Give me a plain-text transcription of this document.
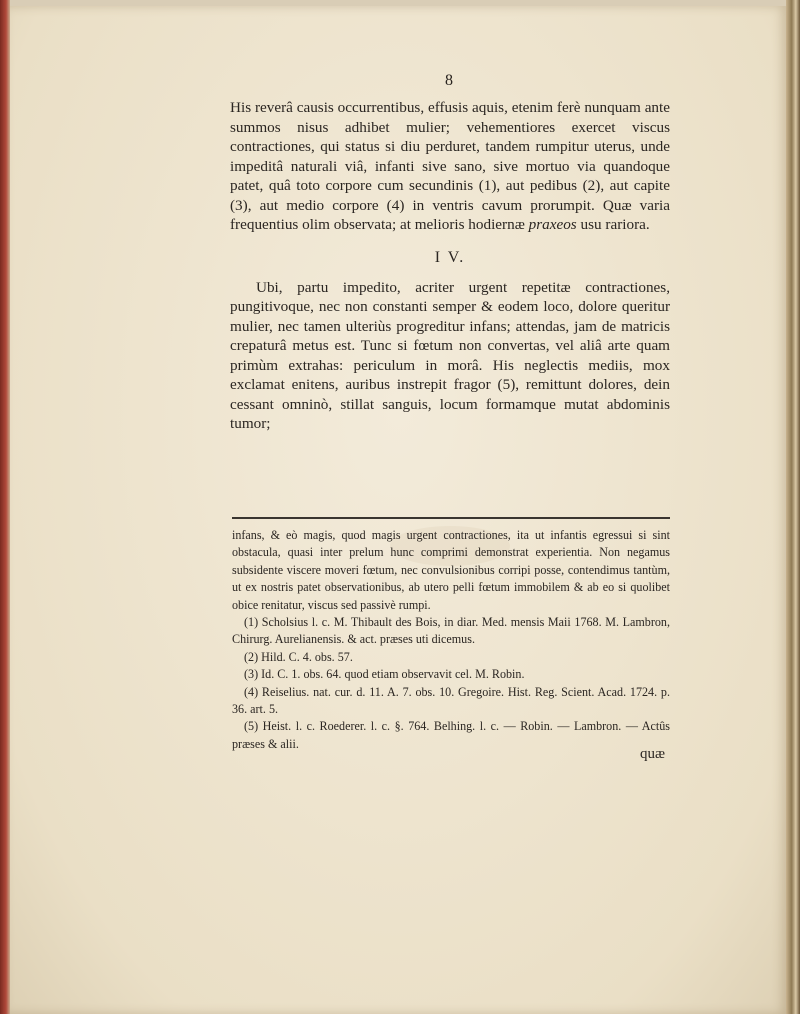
8

His reverâ causis occurrentibus, effusis aquis, etenim ferè nunquam ante summos nisus adhibet mulier; vehementiores exercet viscus contractiones, qui status si diu perduret, tandem rumpitur uterus, unde impeditâ naturali viâ, infanti sive sano, sive mortuo via quandoque patet, quâ toto corpore cum secundinis (1), aut pedibus (2), aut capite (3), aut medio corpore (4) in ventris cavum prorumpit. Quæ varia frequentius olim observata; at melioris hodiernæ praxeos usu rariora.

I V.

Ubi, partu impedito, acriter urgent repetitæ contractiones, pungitivoque, nec non constanti semper & eodem loco, dolore queritur mulier, nec tamen ulteriùs progreditur infans; attendas, jam de matricis crepaturâ metus est. Tunc si fœtum non convertas, vel aliâ arte quam primùm extrahas: periculum in morâ. His neglectis mediis, mox exclamat enitens, auribus instrepit fragor (5), remittunt dolores, dein cessant omninò, stillat sanguis, locum formamque mutat abdominis tumor;

infans, & eò magis, quod magis urgent contractiones, ita ut infantis egressui si sint obstacula, quasi inter prelum hunc comprimi demonstrat experientia. Non negamus subsidente viscere moveri fœtum, nec convulsionibus corripi posse, contendimus tantùm, ut ex nostris patet observationibus, ab utero pelli fœtum immobilem & ab eo si quolibet obice renitatur, viscus sed passivè rumpi.

(1) Scholsius l. c. M. Thibault des Bois, in diar. Med. mensis Maii 1768. M. Lambron, Chirurg. Aurelianensis. & act. præses uti dicemus.

(2) Hild. C. 4. obs. 57.

(3) Id. C. 1. obs. 64. quod etiam observavit cel. M. Robin.

(4) Reiselius. nat. cur. d. 11. A. 7. obs. 10. Gregoire. Hist. Reg. Scient. Acad. 1724. p. 36. art. 5.

(5) Heist. l. c. Roederer. l. c. §. 764. Belhing. l. c. — Robin. — Lambron. — Actûs præses & alii.

quæ
